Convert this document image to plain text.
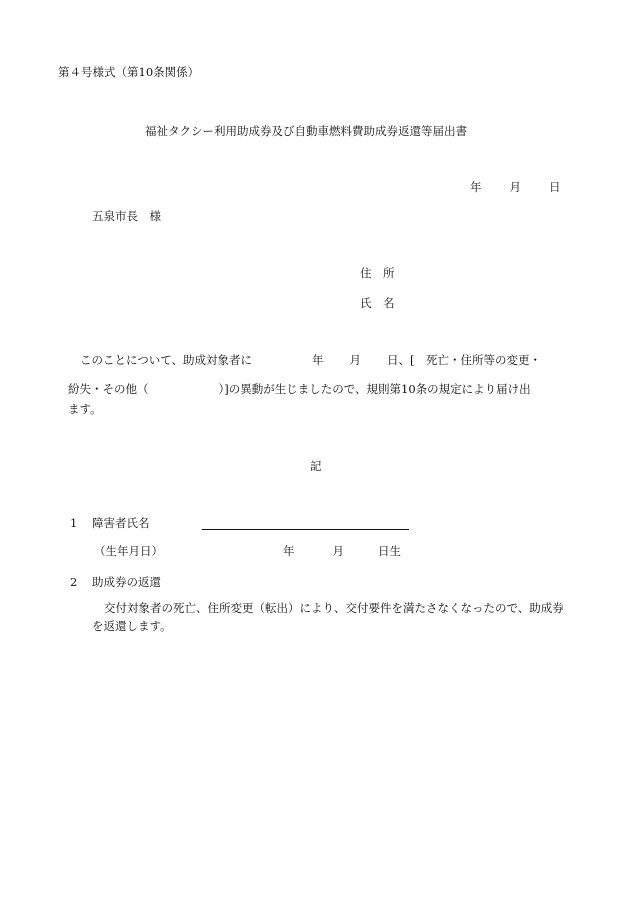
第４号様式（第10条関係）
福祉タクシー利用助成券及び自動車燃料費助成券返還等届出書
年 月 日
五泉市長　様
住　所
氏　名
このことについて、助成対象者に	年 月 日、[　死亡・住所等の変更・
紛失・その他（	）]の異動が生じましたので、規則第10条の規定により届け出
ます。
記
1 障害者氏名
（生年月日）	年	月	日生
2 助成券の返還
交付対象者の死亡、住所変更（転出）により、交付要件を満たさなくなったので、助成券を返還します。
